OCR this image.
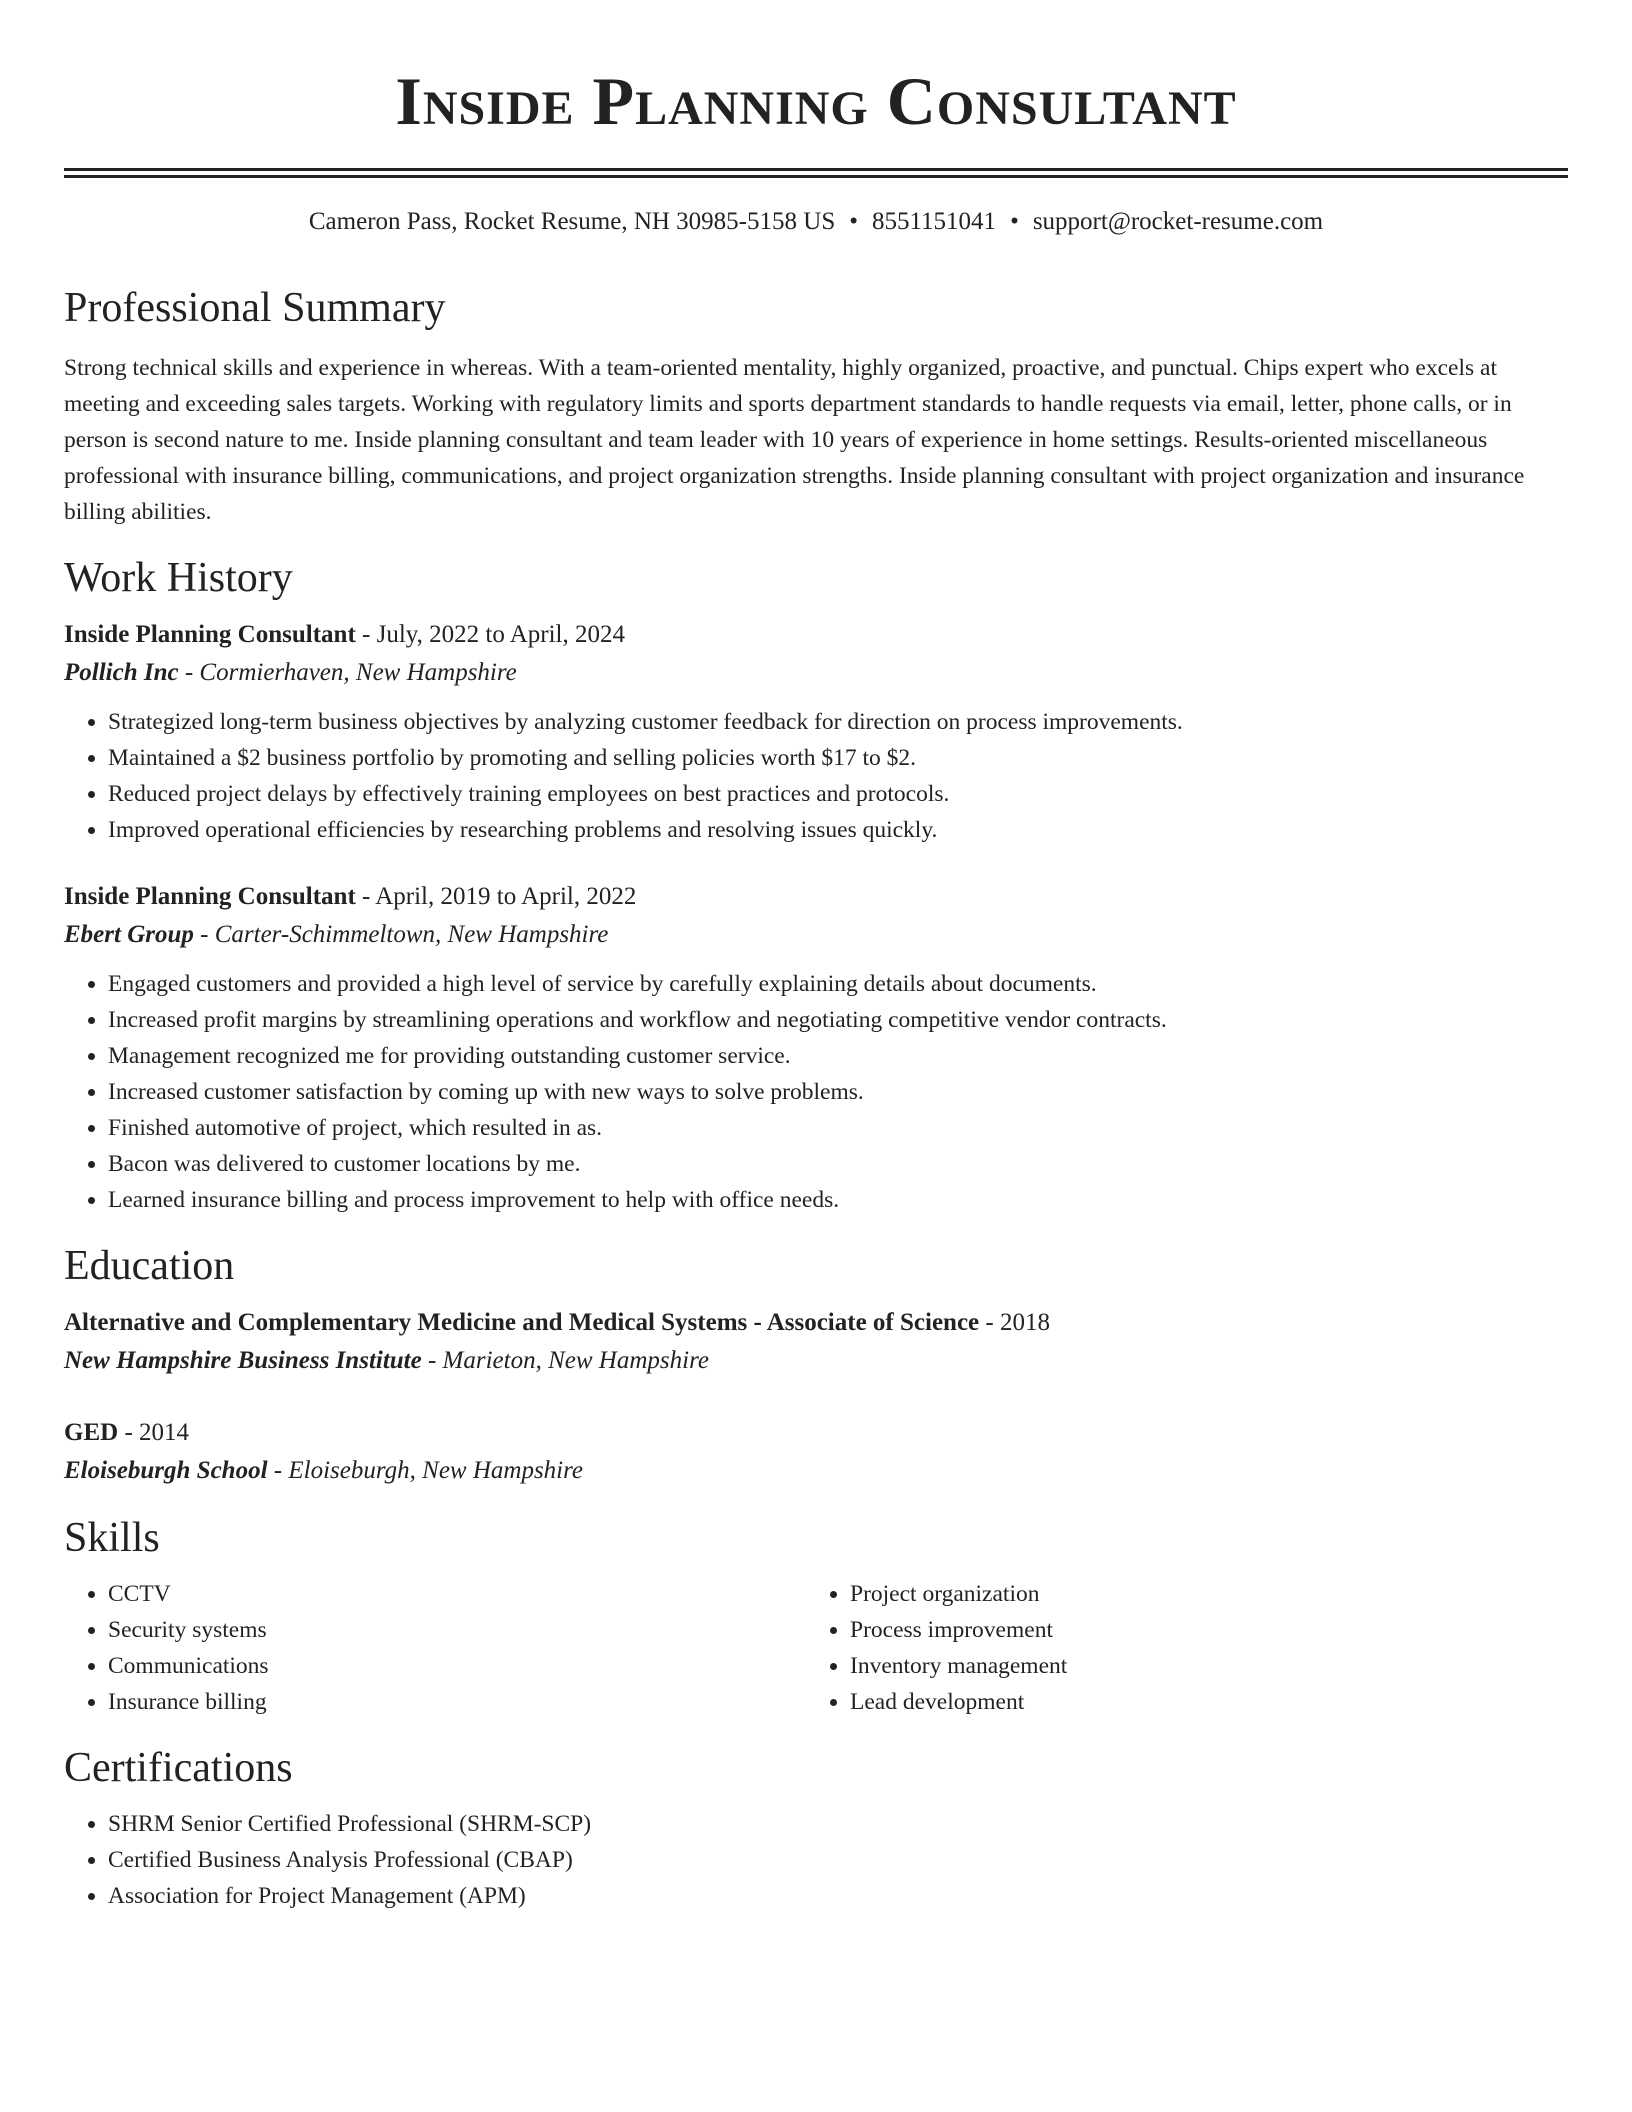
Inside Planning Consultant
Cameron Pass, Rocket Resume, NH 30985-5158 US • 8551151041 • support@rocket-resume.com
Professional Summary

Strong technical skills and experience in whereas. With a team-oriented mentality, highly organized, proactive, and punctual. Chips expert who excels at meeting and exceeding sales targets. Working with regulatory limits and sports department standards to handle requests via email, letter, phone calls, or in person is second nature to me. Inside planning consultant and team leader with 10 years of experience in home settings. Results-oriented miscellaneous professional with insurance billing, communications, and project organization strengths. Inside planning consultant with project organization and insurance billing abilities.

Work History
Inside Planning Consultant - July, 2022 to April, 2024
Pollich Inc - Cormierhaven, New Hampshire
• Strategized long-term business objectives by analyzing customer feedback for direction on process improvements.
• Maintained a $2 business portfolio by promoting and selling policies worth $17 to $2.
• Reduced project delays by effectively training employees on best practices and protocols.
• Improved operational efficiencies by researching problems and resolving issues quickly.
Inside Planning Consultant - April, 2019 to April, 2022
Ebert Group - Carter-Schimmeltown, New Hampshire
• Engaged customers and provided a high level of service by carefully explaining details about documents.
• Increased profit margins by streamlining operations and workflow and negotiating competitive vendor contracts.
• Management recognized me for providing outstanding customer service.
• Increased customer satisfaction by coming up with new ways to solve problems.
• Finished automotive of project, which resulted in as.
• Bacon was delivered to customer locations by me.
• Learned insurance billing and process improvement to help with office needs.
Education
Alternative and Complementary Medicine and Medical Systems - Associate of Science - 2018
New Hampshire Business Institute - Marieton, New Hampshire
GED - 2014
Eloiseburgh School - Eloiseburgh, New Hampshire
Skills
• CCTV
• Security systems
• Communications
• Insurance billing
• Project organization
• Process improvement
• Inventory management
• Lead development
Certifications
• SHRM Senior Certified Professional (SHRM-SCP)
• Certified Business Analysis Professional (CBAP)
• Association for Project Management (APM)
